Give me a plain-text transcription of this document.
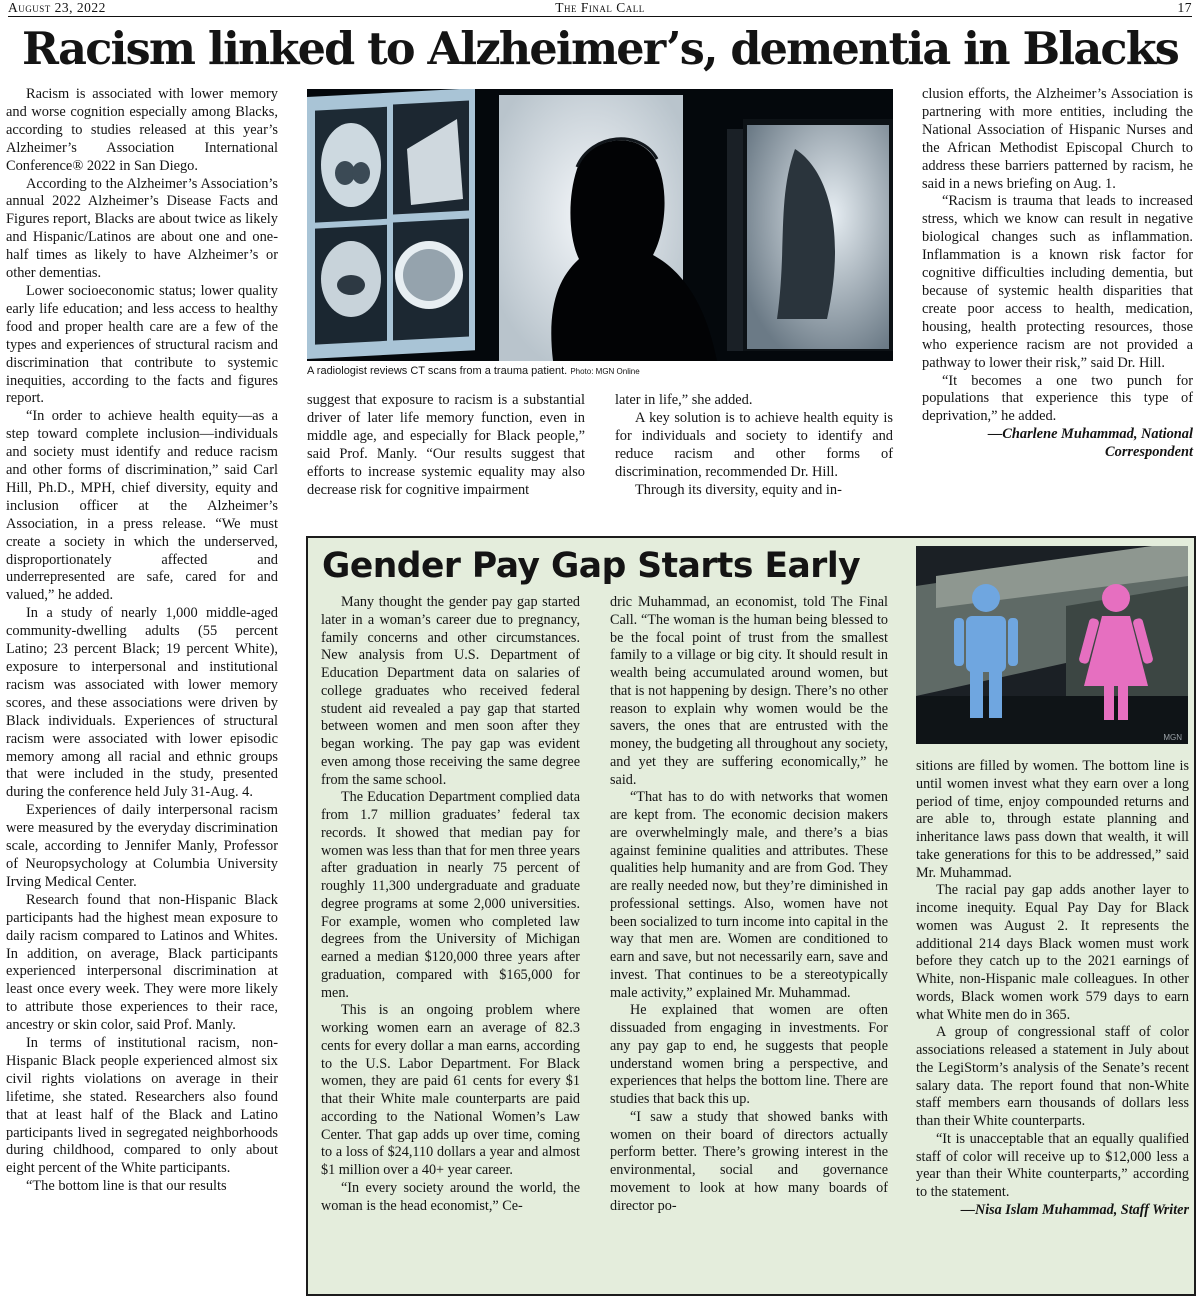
August 23, 2022	The Final Call	17
Racism linked to Alzheimer’s, dementia in Blacks

Racism is associated with lower memory and worse cognition especially among Blacks, according to studies released at this year’s Alzheimer’s Association International Conference® 2022 in San Diego.

According to the Alzheimer’s Association’s annual 2022 Alzheimer’s Disease Facts and Figures report, Blacks are about twice as likely and Hispanic/Latinos are about one and one-half times as likely to have Alzheimer’s or other dementias.

Lower socioeconomic status; lower quality early life education; and less access to healthy food and proper health care are a few of the types and experiences of structural racism and discrimination that contribute to systemic inequities, according to the facts and figures report.

“In order to achieve health equity—as a step toward complete inclusion—individuals and society must identify and reduce racism and other forms of discrimination,” said Carl Hill, Ph.D., MPH, chief diversity, equity and inclusion officer at the Alzheimer’s Association, in a press release. “We must create a society in which the underserved, disproportionately affected and underrepresented are safe, cared for and valued,” he added.

In a study of nearly 1,000 middle-aged community-dwelling adults (55 percent Latino; 23 percent Black; 19 percent White), exposure to interpersonal and institutional racism was associated with lower memory scores, and these associations were driven by Black individuals. Experiences of structural racism were associated with lower episodic memory among all racial and ethnic groups that were included in the study, presented during the conference held July 31-Aug. 4.

Experiences of daily interpersonal racism were measured by the everyday discrimination scale, according to Jennifer Manly, Professor of Neuropsychology at Columbia University Irving Medical Center.

Research found that non-Hispanic Black participants had the highest mean exposure to daily racism compared to Latinos and Whites. In addition, on average, Black participants experienced interpersonal discrimination at least once every week. They were more likely to attribute those experiences to their race, ancestry or skin color, said Prof. Manly.

In terms of institutional racism, non-Hispanic Black people experienced almost six civil rights violations on average in their lifetime, she stated. Researchers also found that at least half of the Black and Latino participants lived in segregated neighborhoods during childhood, compared to only about eight percent of the White participants.

“The bottom line is that our results

A radiologist reviews CT scans from a trauma patient. Photo: MGN Online

suggest that exposure to racism is a substantial driver of later life memory function, even in middle age, and especially for Black people,” said Prof. Manly. “Our results suggest that efforts to increase systemic equality may also decrease risk for cognitive impairment

later in life,” she added.

A key solution is to achieve health equity is for individuals and society to identify and reduce racism and other forms of discrimination, recommended Dr. Hill.

Through its diversity, equity and in-

clusion efforts, the Alzheimer’s Association is partnering with more entities, including the National Association of Hispanic Nurses and the African Methodist Episcopal Church to address these barriers patterned by racism, he said in a news briefing on Aug. 1.

“Racism is trauma that leads to increased stress, which we know can result in negative biological changes such as inflammation. Inflammation is a known risk factor for cognitive difficulties including dementia, but because of systemic health disparities that create poor access to health, medication, housing, health protecting resources, those who experience racism are not provided a pathway to lower their risk,” said Dr. Hill.

“It becomes a one two punch for populations that experience this type of deprivation,” he added.

—Charlene Muhammad, National Correspondent

Gender Pay Gap Starts Early

Many thought the gender pay gap started later in a woman’s career due to pregnancy, family concerns and other circumstances. New analysis from U.S. Department of Education Department data on salaries of college graduates who received federal student aid revealed a pay gap that started between women and men soon after they began working. The pay gap was evident even among those receiving the same degree from the same school.

The Education Department complied data from 1.7 million graduates’ federal tax records. It showed that median pay for women was less than that for men three years after graduation in nearly 75 percent of roughly 11,300 undergraduate and graduate degree programs at some 2,000 universities. For example, women who completed law degrees from the University of Michigan earned a median $120,000 three years after graduation, compared with $165,000 for men.

This is an ongoing problem where working women earn an average of 82.3 cents for every dollar a man earns, according to the U.S. Labor Department. For Black women, they are paid 61 cents for every $1 that their White male counterparts are paid according to the National Women’s Law Center. That gap adds up over time, coming to a loss of $24,110 dollars a year and almost $1 million over a 40+ year career.

“In every society around the world, the woman is the head economist,” Ce-

dric Muhammad, an economist, told The Final Call. “The woman is the human being blessed to be the focal point of trust from the smallest family to a village or big city. It should result in wealth being accumulated around women, but that is not happening by design. There’s no other reason to explain why women would be the savers, the ones that are entrusted with the money, the budgeting all throughout any society, and yet they are suffering economically,” he said.

“That has to do with networks that women are kept from. The economic decision makers are overwhelmingly male, and there’s a bias against feminine qualities and attributes. These qualities help humanity and are from God. They are really needed now, but they’re diminished in professional settings. Also, women have not been socialized to turn income into capital in the way that men are. Women are conditioned to earn and save, but not necessarily earn, save and invest. That continues to be a stereotypically male activity,” explained Mr. Muhammad.

He explained that women are often dissuaded from engaging in investments. For any pay gap to end, he suggests that people understand women bring a perspective, and experiences that helps the bottom line. There are studies that back this up.

“I saw a study that showed banks with women on their board of directors actually perform better. There’s growing interest in the environmental, social and governance movement to look at how many boards of director po-

MGN

sitions are filled by women. The bottom line is until women invest what they earn over a long period of time, enjoy compounded returns and are able to, through estate planning and inheritance laws pass down that wealth, it will take generations for this to be addressed,” said Mr. Muhammad.

The racial pay gap adds another layer to income inequity. Equal Pay Day for Black women was August 2. It represents the additional 214 days Black women must work before they catch up to the 2021 earnings of White, non-Hispanic male colleagues. In other words, Black women work 579 days to earn what White men do in 365.

A group of congressional staff of color associations released a statement in July about the LegiStorm’s analysis of the Senate’s recent salary data. The report found that non-White staff members earn thousands of dollars less than their White counterparts.

“It is unacceptable that an equally qualified staff of color will receive up to $12,000 less a year than their White counterparts,” according to the statement.

—Nisa Islam Muhammad, Staff Writer
